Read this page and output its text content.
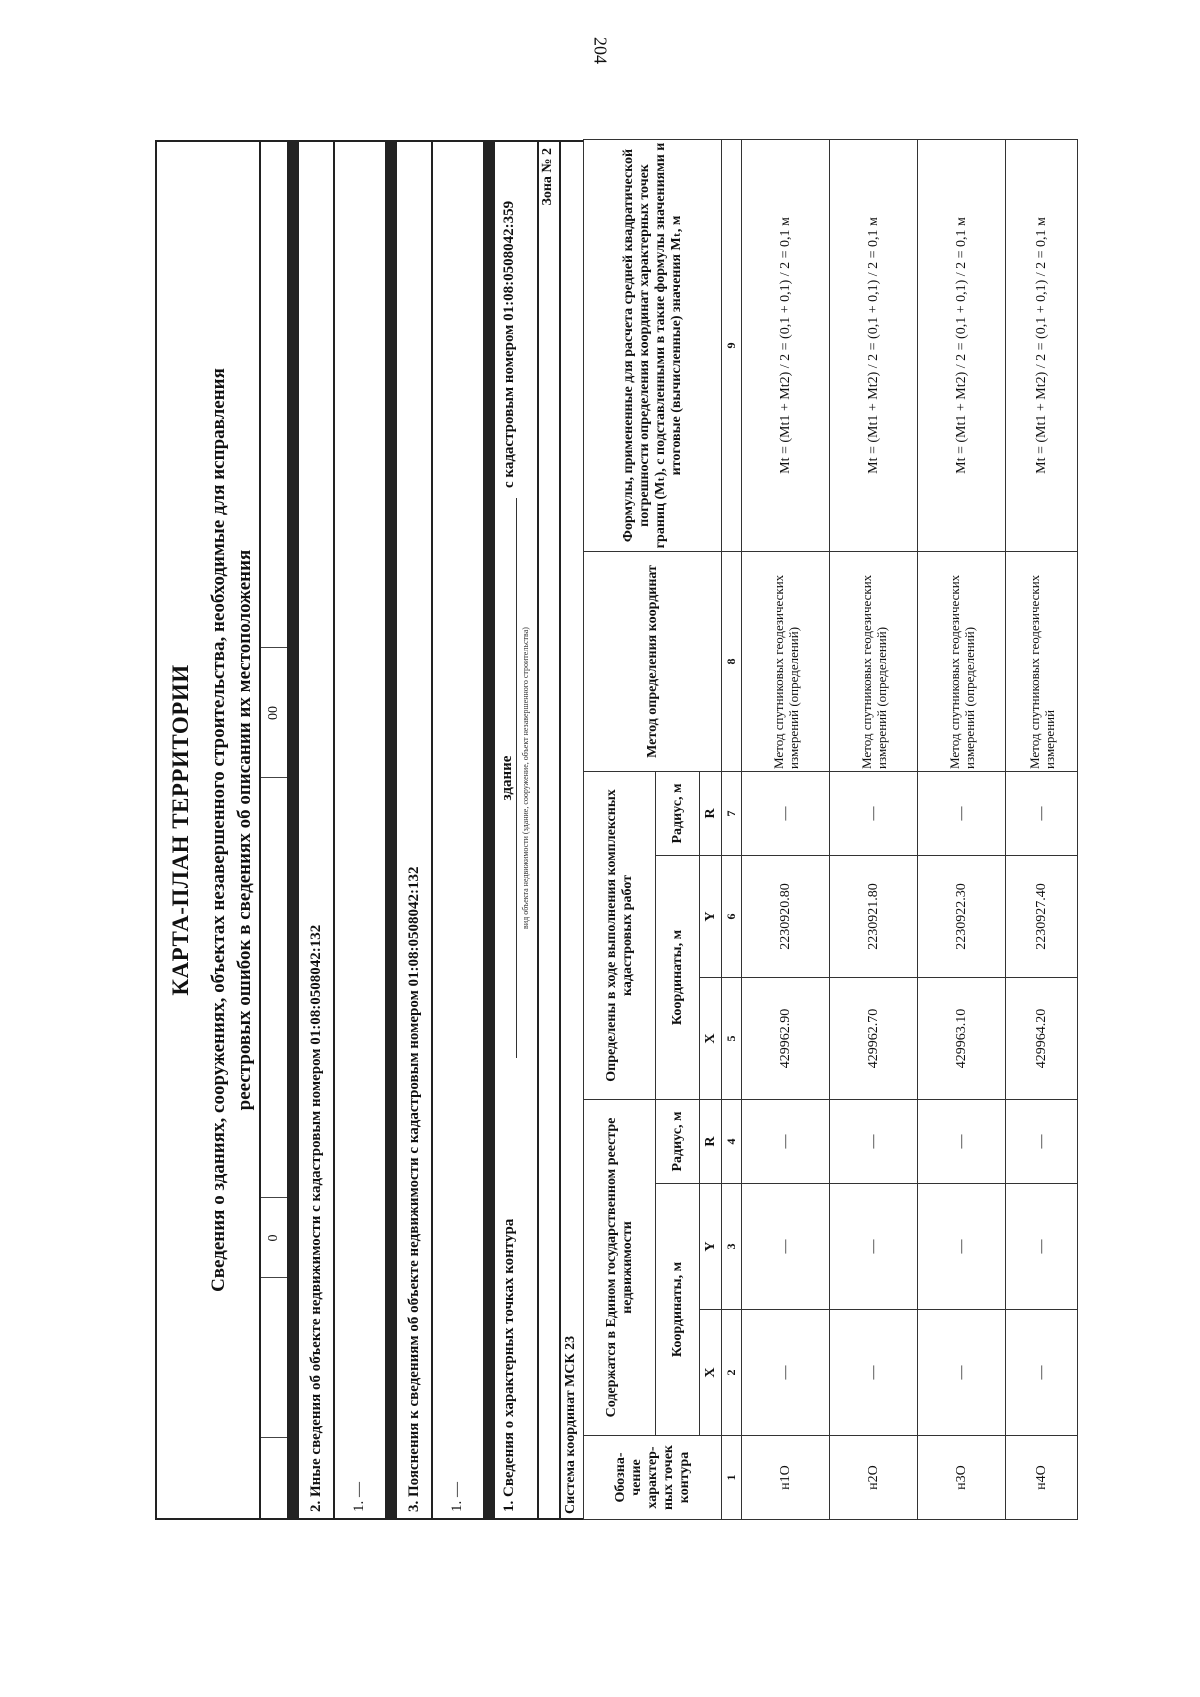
204
КАРТА-ПЛАН ТЕРРИТОРИИ Сведения о зданиях, сооружениях, объектах незавершенного строительства, необходимые для исправления реестровых ошибок в сведениях об описании их местоположения
0
00
2. Иные сведения об объекте недвижимости с кадастровым номером 01:08:0508042:132	1. —	3. Пояснения к сведениям об объекте недвижимости с кадастровым номером 01:08:0508042:132	1. —	1. Сведения о характерных точках контура
здание вид объекта недвижимости (здание, сооружение, объект незавершенного строительства)
с кадастровым номером 01:08:0508042:359
Зона № 2
Система координат МСК 23 Обозна-чение характер-ных точек контура	Содержатся в Едином государственном реестре недвижимости			Определены в ходе выполнения комплексных кадастровых работ			Метод определения координат	Формулы, примененные для расчета средней квадратической погрешности определения координат характерных точек границ (Mₜ), с подставленными в такие формулы значениями и итоговые (вычисленные) значения Mₜ, м
	Координаты, м		Радиус, м	Координаты, м		Радиус, м		
	X	Y	R	X	Y	R		
1	2	3	4	5	6	7	8	9
н1О	—	—	—	429962.90	2230920.80	—	Метод спутниковых геодезических измерений (определений)	Mt = (Mt1 + Mt2) / 2 = (0,1 + 0,1) / 2 = 0,1 м
н2О	—	—	—	429962.70	2230921.80	—	Метод спутниковых геодезических измерений (определений)	Mt = (Mt1 + Mt2) / 2 = (0,1 + 0,1) / 2 = 0,1 м
н3О	—	—	—	429963.10	2230922.30	—	Метод спутниковых геодезических измерений (определений)	Mt = (Mt1 + Mt2) / 2 = (0,1 + 0,1) / 2 = 0,1 м
н4О	—	—	—	429964.20	2230927.40	—	Метод спутниковых геодезических измерений	Mt = (Mt1 + Mt2) / 2 = (0,1 + 0,1) / 2 = 0,1 м
